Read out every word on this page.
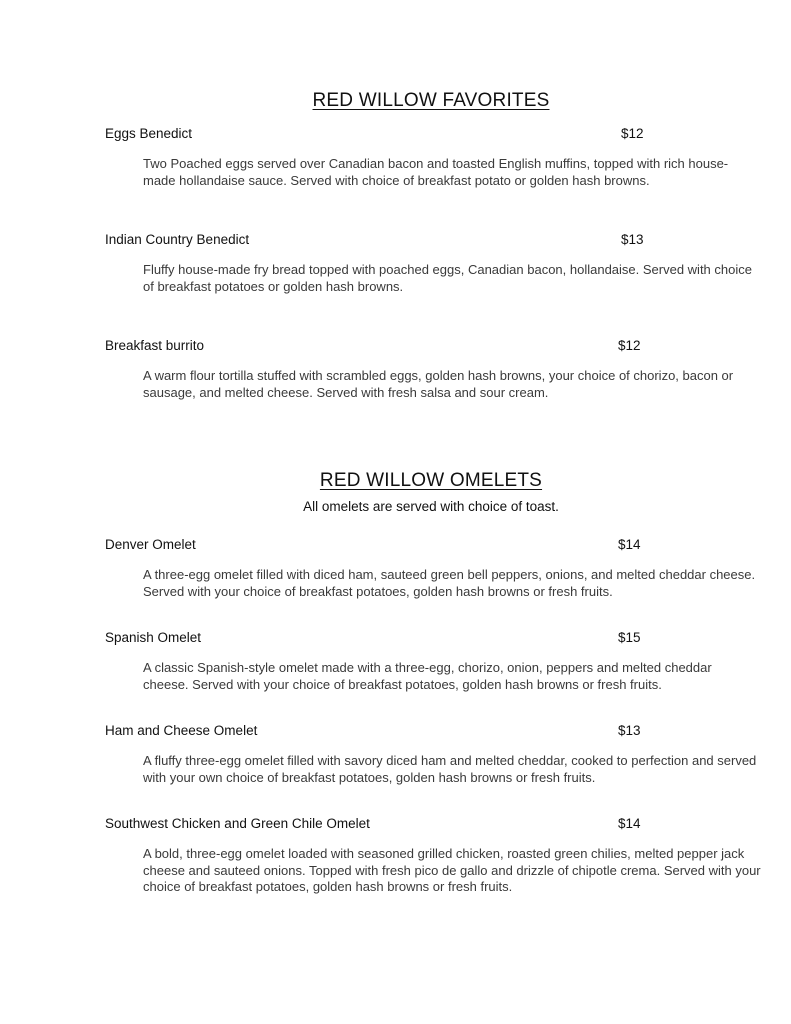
RED WILLOW FAVORITES
Eggs Benedict	$12
Two Poached eggs served over Canadian bacon and toasted English muffins, topped with rich house-made hollandaise sauce. Served with choice of breakfast potato or golden hash browns.
Indian Country Benedict	$13
Fluffy house-made fry bread topped with poached eggs, Canadian bacon, hollandaise. Served with choice of breakfast potatoes or golden hash browns.
Breakfast burrito	$12
A warm flour tortilla stuffed with scrambled eggs, golden hash browns, your choice of chorizo, bacon or sausage, and melted cheese. Served with fresh salsa and sour cream.
RED WILLOW OMELETS
All omelets are served with choice of toast.
Denver Omelet	$14
A three-egg omelet filled with diced ham, sauteed green bell peppers, onions, and melted cheddar cheese. Served with your choice of breakfast potatoes, golden hash browns or fresh fruits.
Spanish Omelet	$15
A classic Spanish-style omelet made with a three-egg, chorizo, onion, peppers and melted cheddar cheese. Served with your choice of breakfast potatoes, golden hash browns or fresh fruits.
Ham and Cheese Omelet	$13
A fluffy three-egg omelet filled with savory diced ham and melted cheddar, cooked to perfection and served with your own choice of breakfast potatoes, golden hash browns or fresh fruits.
Southwest Chicken and Green Chile Omelet	$14
A bold, three-egg omelet loaded with seasoned grilled chicken, roasted green chilies, melted pepper jack cheese and sauteed onions. Topped with fresh pico de gallo and drizzle of chipotle crema. Served with your choice of breakfast potatoes, golden hash browns or fresh fruits.
